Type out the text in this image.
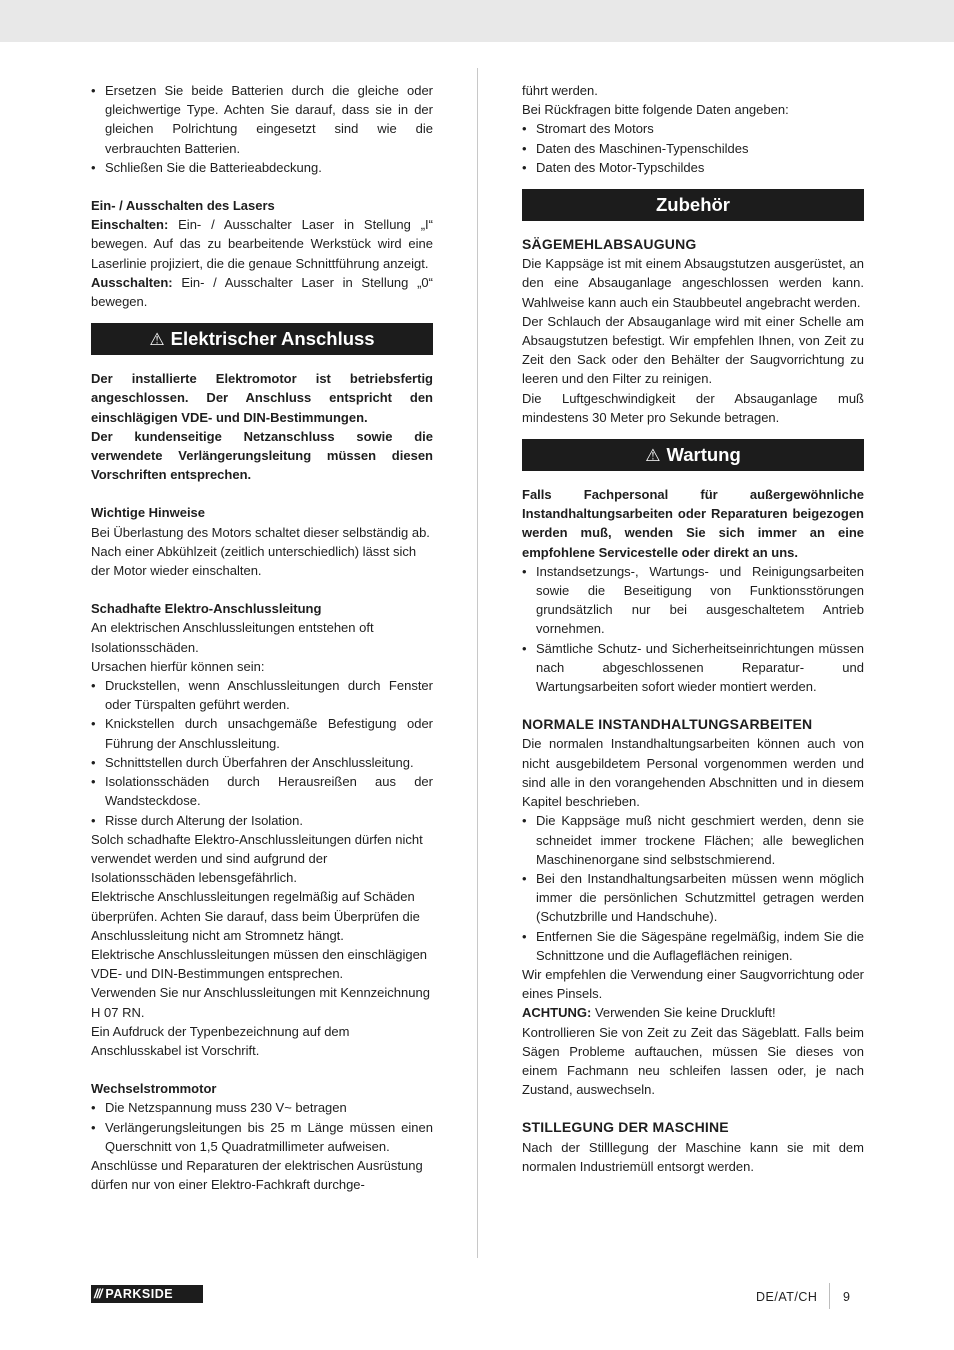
• Ersetzen Sie beide Batterien durch die gleiche oder gleichwertige Type. Achten Sie darauf, dass sie in der gleichen Polrichtung eingesetzt sind wie die verbrauchten Batterien.
• Schließen Sie die Batterieabdeckung.

Ein- / Ausschalten des Lasers

Einschalten: Ein- / Ausschalter Laser in Stellung „I“ bewegen. Auf das zu bearbeitende Werkstück wird eine Laserlinie projiziert, die die genaue Schnittführung anzeigt.

Ausschalten: Ein- / Ausschalter Laser in Stellung „0“ bewegen.

⚠ Elektrischer Anschluss

Der installierte Elektromotor ist betriebsfertig angeschlossen. Der Anschluss entspricht den einschlägigen VDE- und DIN-Bestimmungen.

Der kundenseitige Netzanschluss sowie die verwendete Verlängerungsleitung müssen diesen Vorschriften entsprechen.

Wichtige Hinweise

Bei Überlastung des Motors schaltet dieser selbständig ab. Nach einer Abkühlzeit (zeitlich unterschiedlich) lässt sich der Motor wieder einschalten.

Schadhafte Elektro-Anschlussleitung

An elektrischen Anschlussleitungen entstehen oft Isolationsschäden.

Ursachen hierfür können sein:

• Druckstellen, wenn Anschlussleitungen durch Fenster oder Türspalten geführt werden.
• Knickstellen durch unsachgemäße Befestigung oder Führung der Anschlussleitung.
• Schnittstellen durch Überfahren der Anschlussleitung.
• Isolationsschäden durch Herausreißen aus der Wandsteckdose.
• Risse durch Alterung der Isolation.

Solch schadhafte Elektro-Anschlussleitungen dürfen nicht verwendet werden und sind aufgrund der Isolationsschäden lebensgefährlich.

Elektrische Anschlussleitungen regelmäßig auf Schäden überprüfen. Achten Sie darauf, dass beim Überprüfen die Anschlussleitung nicht am Stromnetz hängt.

Elektrische Anschlussleitungen müssen den einschlägigen VDE- und DIN-Bestimmungen entsprechen.

Verwenden Sie nur Anschlussleitungen mit Kennzeichnung H 07 RN.

Ein Aufdruck der Typenbezeichnung auf dem Anschlusskabel ist Vorschrift.

Wechselstrommotor

• Die Netzspannung muss 230 V~ betragen
• Verlängerungsleitungen bis 25 m Länge müssen einen Querschnitt von 1,5 Quadratmillimeter aufweisen.

Anschlüsse und Reparaturen der elektrischen Ausrüstung dürfen nur von einer Elektro-Fachkraft durchge-

führt werden.

Bei Rückfragen bitte folgende Daten angeben:

• Stromart des Motors
• Daten des Maschinen-Typenschildes
• Daten des Motor-Typschildes
Zubehör

SÄGEMEHLABSAUGUNG

Die Kappsäge ist mit einem Absaugstutzen ausgerüstet, an den eine Absauganlage angeschlossen werden kann. Wahlweise kann auch ein Staubbeutel angebracht werden.

Der Schlauch der Absauganlage wird mit einer Schelle am Absaugstutzen befestigt. Wir empfehlen Ihnen, von Zeit zu Zeit den Sack oder den Behälter der Saugvorrichtung zu leeren und den Filter zu reinigen.

Die Luftgeschwindigkeit der Absauganlage muß mindestens 30 Meter pro Sekunde betragen.

⚠ Wartung

Falls Fachpersonal für außergewöhnliche Instandhaltungsarbeiten oder Reparaturen beigezogen werden muß, wenden Sie sich immer an eine empfohlene Servicestelle oder direkt an uns.

• Instandsetzungs-, Wartungs- und Reinigungsarbeiten sowie die Beseitigung von Funktionsstörungen grundsätzlich nur bei ausgeschaltetem Antrieb vornehmen.
• Sämtliche Schutz- und Sicherheitseinrichtungen müssen nach abgeschlossenen Reparatur- und Wartungsarbeiten sofort wieder montiert werden.

NORMALE INSTANDHALTUNGSARBEITEN

Die normalen Instandhaltungsarbeiten können auch von nicht ausgebildetem Personal vorgenommen werden und sind alle in den vorangehenden Abschnitten und in diesem Kapitel beschrieben.

• Die Kappsäge muß nicht geschmiert werden, denn sie schneidet immer trockene Flächen; alle beweglichen Maschinenorgane sind selbstschmierend.
• Bei den Instandhaltungsarbeiten müssen wenn möglich immer die persönlichen Schutzmittel getragen werden (Schutzbrille und Handschuhe).
• Entfernen Sie die Sägespäne regelmäßig, indem Sie die Schnittzone und die Auflageflächen reinigen.

Wir empfehlen die Verwendung einer Saugvorrichtung oder eines Pinsels.

ACHTUNG: Verwenden Sie keine Druckluft!

Kontrollieren Sie von Zeit zu Zeit das Sägeblatt. Falls beim Sägen Probleme auftauchen, müssen Sie dieses von einem Fachmann neu schleifen lassen oder, je nach Zustand, auswechseln.

STILLEGUNG DER MASCHINE

Nach der Stilllegung der Maschine kann sie mit dem normalen Industriemüll entsorgt werden.

/// PARKSIDE	DE/AT/CH 9
